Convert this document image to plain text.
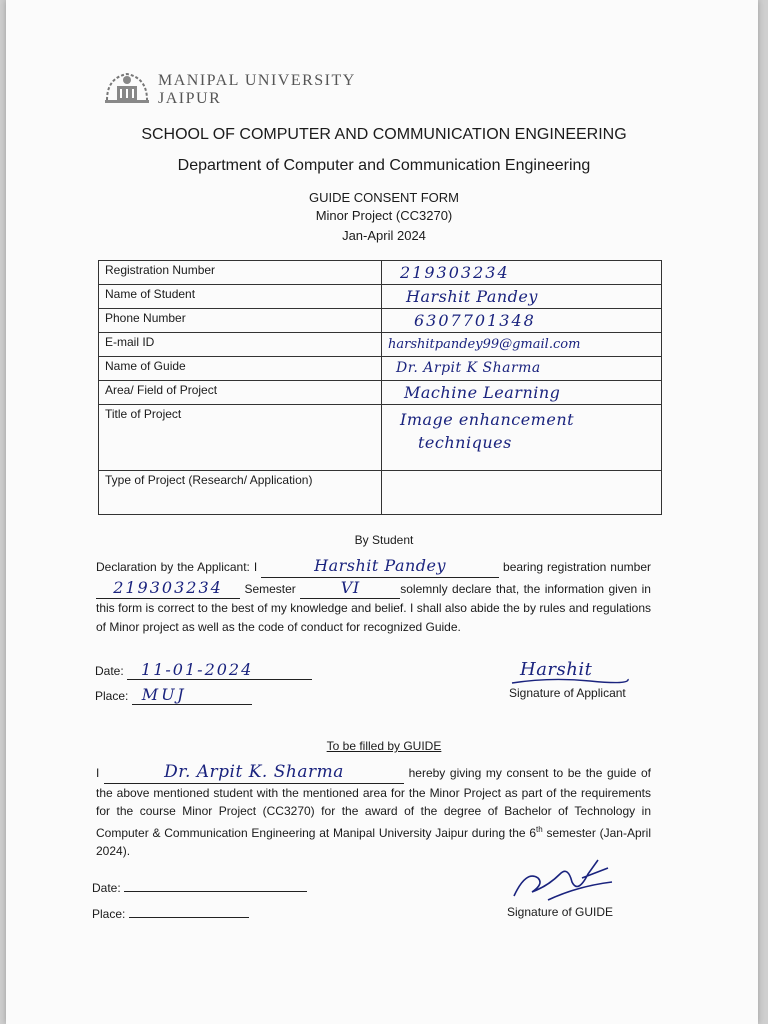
MANIPAL UNIVERSITY
JAIPUR
SCHOOL OF COMPUTER AND COMMUNICATION ENGINEERING
Department of Computer and Communication Engineering
GUIDE CONSENT FORM
Minor Project (CC3270)
Jan-April 2024
Registration Number	219303234
Name of Student	Harshit Pandey
Phone Number	6307701348
E-mail ID	harshitpandey99@gmail.com
Name of Guide	Dr. Arpit K Sharma
Area/ Field of Project	Machine Learning
Title of Project	Image enhancement
techniques

Type of Project (Research/ Application)	
By Student
Declaration by the Applicant: I	Harshit Pandey	bearing registration number 219303234 Semester	VI	solemnly declare that, the information given in this form is correct to the best of my knowledge and belief. I shall also abide the by rules and regulations of Minor project as well as the code of conduct for recognized Guide.
Date: 11-01-2024
Place: MUJ
Harshit
Signature of Applicant
To be filled by GUIDE
I	Dr. Arpit K. Sharma	hereby giving my consent to be the guide of the above mentioned student with the mentioned area for the Minor Project as part of the requirements for the course Minor Project (CC3270) for the award of the degree of Bachelor of Technology in Computer & Communication Engineering at Manipal University Jaipur during the 6th semester (Jan-April 2024).
Date:
Place:	Signature of GUIDE
